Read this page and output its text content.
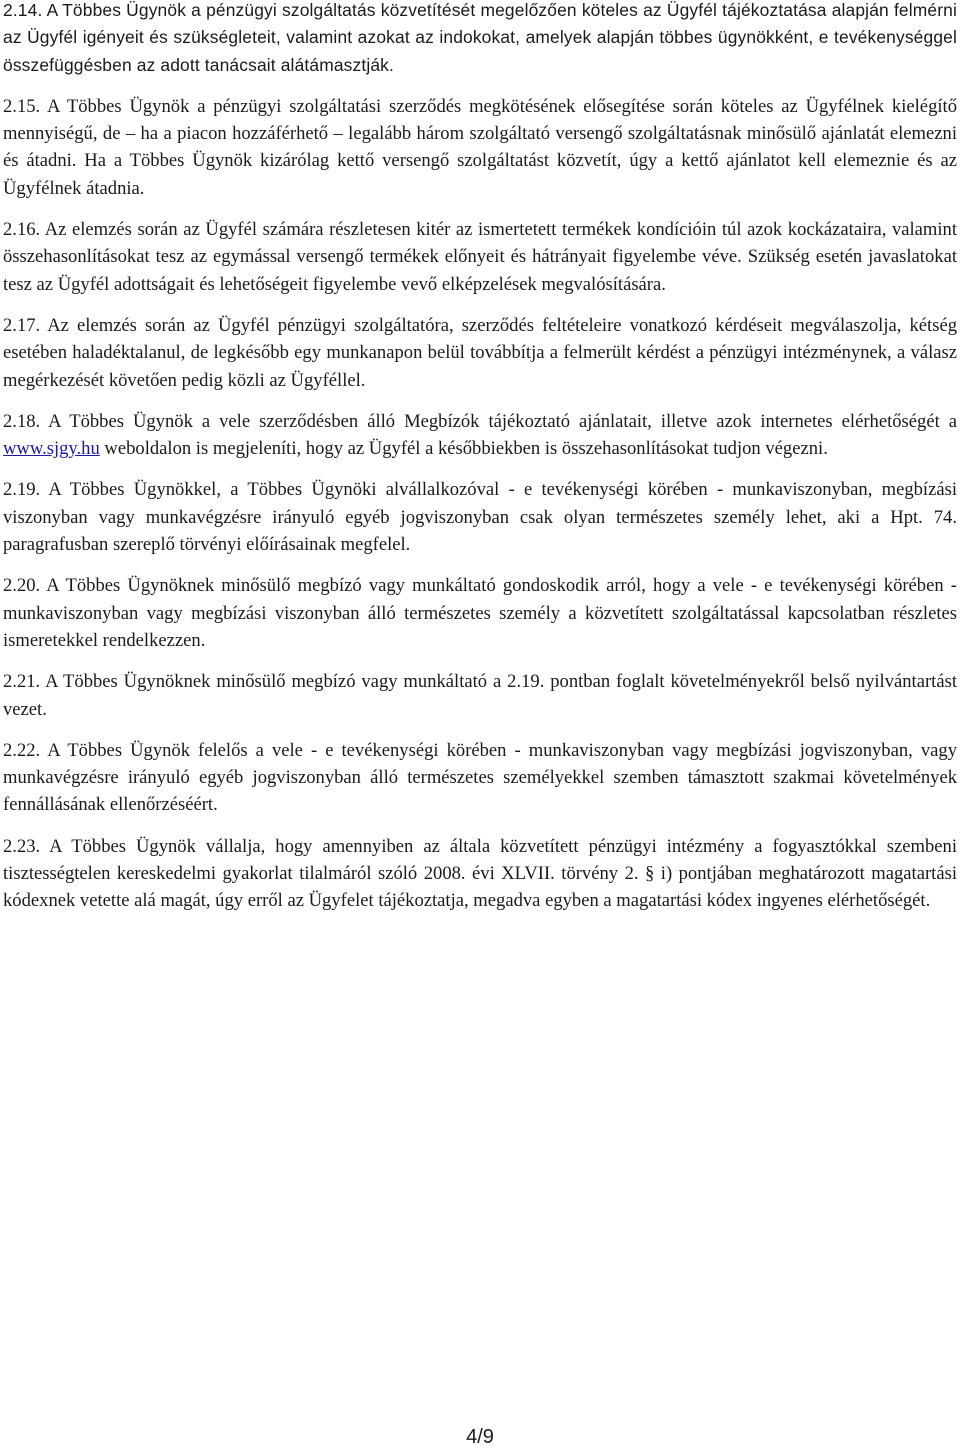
2.14. A Többes Ügynök a pénzügyi szolgáltatás közvetítését megelőzően köteles az Ügyfél tájékoztatása alapján felmérni az Ügyfél igényeit és szükségleteit, valamint azokat az indokokat, amelyek alapján többes ügynökként, e tevékenységgel összefüggésben az adott tanácsait alátámasztják.

2.15. A Többes Ügynök a pénzügyi szolgáltatási szerződés megkötésének elősegítése során köteles az Ügyfélnek kielégítő mennyiségű, de – ha a piacon hozzáférhető – legalább három szolgáltató versengő szolgáltatásnak minősülő ajánlatát elemezni és átadni. Ha a Többes Ügynök kizárólag kettő versengő szolgáltatást közvetít, úgy a kettő ajánlatot kell elemeznie és az Ügyfélnek átadnia.

2.16. Az elemzés során az Ügyfél számára részletesen kitér az ismertetett termékek kondícióin túl azok kockázataira, valamint összehasonlításokat tesz az egymással versengő termékek előnyeit és hátrányait figyelembe véve. Szükség esetén javaslatokat tesz az Ügyfél adottságait és lehetőségeit figyelembe vevő elképzelések megvalósítására.

2.17. Az elemzés során az Ügyfél pénzügyi szolgáltatóra, szerződés feltételeire vonatkozó kérdéseit megválaszolja, kétség esetében haladéktalanul, de legkésőbb egy munkanapon belül továbbítja a felmerült kérdést a pénzügyi intézménynek, a válasz megérkezését követően pedig közli az Ügyféllel.

2.18. A Többes Ügynök a vele szerződésben álló Megbízók tájékoztató ajánlatait, illetve azok internetes elérhetőségét a www.sjgy.hu weboldalon is megjeleníti, hogy az Ügyfél a későbbiekben is összehasonlításokat tudjon végezni.

2.19. A Többes Ügynökkel, a Többes Ügynöki alvállalkozóval - e tevékenységi körében - munkaviszonyban, megbízási viszonyban vagy munkavégzésre irányuló egyéb jogviszonyban csak olyan természetes személy lehet, aki a Hpt. 74. paragrafusban szereplő törvényi előírásainak megfelel.

2.20. A Többes Ügynöknek minősülő megbízó vagy munkáltató gondoskodik arról, hogy a vele - e tevékenységi körében - munkaviszonyban vagy megbízási viszonyban álló természetes személy a közvetített szolgáltatással kapcsolatban részletes ismeretekkel rendelkezzen.

2.21. A Többes Ügynöknek minősülő megbízó vagy munkáltató a 2.19. pontban foglalt követelményekről belső nyilvántartást vezet.

2.22. A Többes Ügynök felelős a vele - e tevékenységi körében - munkaviszonyban vagy megbízási jogviszonyban, vagy munkavégzésre irányuló egyéb jogviszonyban álló természetes személyekkel szemben támasztott szakmai követelmények fennállásának ellenőrzéséért.

2.23. A Többes Ügynök vállalja, hogy amennyiben az általa közvetített pénzügyi intézmény a fogyasztókkal szembeni tisztességtelen kereskedelmi gyakorlat tilalmáról szóló 2008. évi XLVII. törvény 2. § i) pontjában meghatározott magatartási kódexnek vetette alá magát, úgy erről az Ügyfelet tájékoztatja, megadva egyben a magatartási kódex ingyenes elérhetőségét.

4/9
